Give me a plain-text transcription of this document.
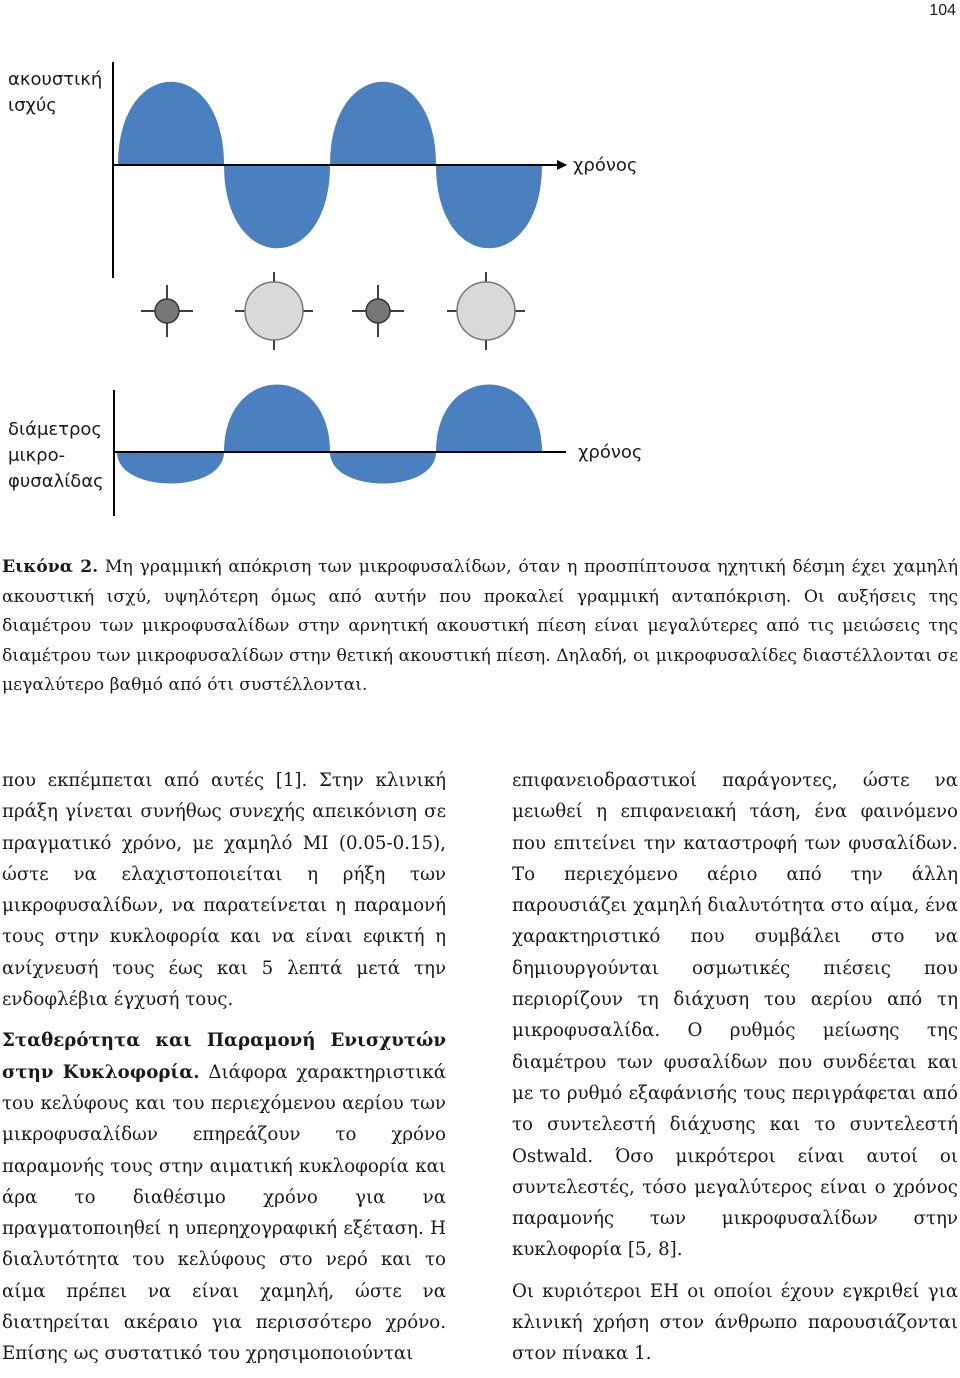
104
ακουστική ισχύς
χρόνος
διάμετρος
μικρο-
φυσαλίδας
χρόνος

Εικόνα 2. Μη γραμμική απόκριση των μικροφυσαλίδων, όταν η προσπίπτουσα ηχητική δέσμη έχει χαμηλή ακουστική ισχύ, υψηλότερη όμως από αυτήν που προκαλεί γραμμική ανταπόκριση. Οι αυξήσεις της διαμέτρου των μικροφυσαλίδων στην αρνητική ακουστική πίεση είναι μεγαλύτερες από τις μειώσεις της διαμέτρου των μικροφυσαλίδων στην θετική ακουστική πίεση. Δηλαδή, οι μικροφυσαλίδες διαστέλλονται σε μεγαλύτερο βαθμό από ότι συστέλλονται.

που εκπέμπεται από αυτές [1]. Στην κλινική πράξη γίνεται συνήθως συνεχής απεικόνιση σε πραγματικό χρόνο, με χαμηλό MI (0.05-0.15), ώστε να ελαχιστοποιείται η ρήξη των μικροφυσαλίδων, να παρατείνεται η παραμονή τους στην κυκλοφορία και να είναι εφικτή η ανίχνευσή τους έως και 5 λεπτά μετά την ενδοφλέβια έγχυσή τους.

Σταθερότητα και Παραμονή Ενισχυτών στην Κυκλοφορία. Διάφορα χαρακτηριστικά του κελύφους και του περιεχόμενου αερίου των μικροφυσαλίδων επηρεάζουν το χρόνο παραμονής τους στην αιματική κυκλοφορία και άρα το διαθέσιμο χρόνο για να πραγματοποιηθεί η υπερηχογραφική εξέταση. Η διαλυτότητα του κελύφους στο νερό και το αίμα πρέπει να είναι χαμηλή, ώστε να διατηρείται ακέραιο για περισσότερο χρόνο. Επίσης ως συστατικό του χρησιμοποιούνται

επιφανειοδραστικοί παράγοντες, ώστε να μειωθεί η επιφανειακή τάση, ένα φαινόμενο που επιτείνει την καταστροφή των φυσαλίδων. Το περιεχόμενο αέριο από την άλλη παρουσιάζει χαμηλή διαλυτότητα στο αίμα, ένα χαρακτηριστικό που συμβάλει στο να δημιουργούνται οσμωτικές πιέσεις που περιορίζουν τη διάχυση του αερίου από τη μικροφυσαλίδα. Ο ρυθμός μείωσης της διαμέτρου των φυσαλίδων που συνδέεται και με το ρυθμό εξαφάνισής τους περιγράφεται από το συντελεστή διάχυσης και το συντελεστή Ostwald. Όσο μικρότεροι είναι αυτοί οι συντελεστές, τόσο μεγαλύτερος είναι ο χρόνος παραμονής των μικροφυσαλίδων στην κυκλοφορία [5, 8].

Οι κυριότεροι ΕΗ οι οποίοι έχουν εγκριθεί για κλινική χρήση στον άνθρωπο παρουσιάζονται στον πίνακα 1.
